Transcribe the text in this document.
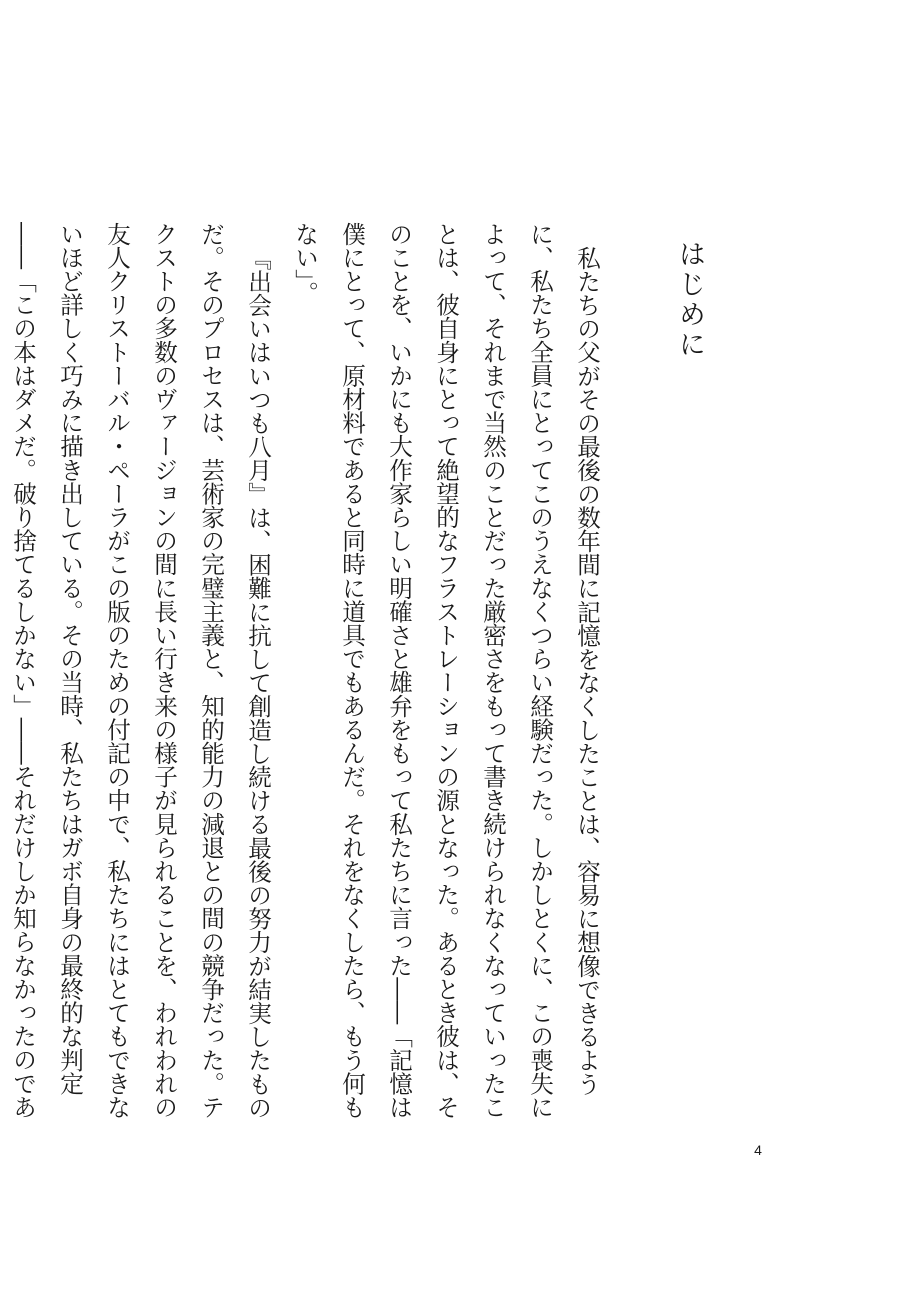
はじめに

私たちの父がその最後の数年間に記憶をなくしたことは、容易に想像できるように、私たち全員にとってこのうえなくつらい経験だった。しかしとくに、この喪失によって、それまで当然のことだった厳密さをもって書き続けられなくなっていったことは、彼自身にとって絶望的なフラストレーションの源となった。あるとき彼は、そのことを、いかにも大作家らしい明確さと雄弁をもって私たちに言った――「記憶は僕にとって、原材料であると同時に道具でもあるんだ。それをなくしたら、もう何もない」。

『出会いはいつも八月』は、困難に抗して創造し続ける最後の努力が結実したものだ。そのプロセスは、芸術家の完璧主義と、知的能力の減退との間の競争だった。テクストの多数のヴァージョンの間に長い行き来の様子が見られることを、われわれの友人クリストーバル・ペーラがこの版のための付記の中で、私たちにはとてもできないほど詳しく巧みに描き出している。その当時、私たちはガボ自身の最終的な判定――「この本はダメだ。破り捨てるしかない」――それだけしか知らなかったのであ

4
